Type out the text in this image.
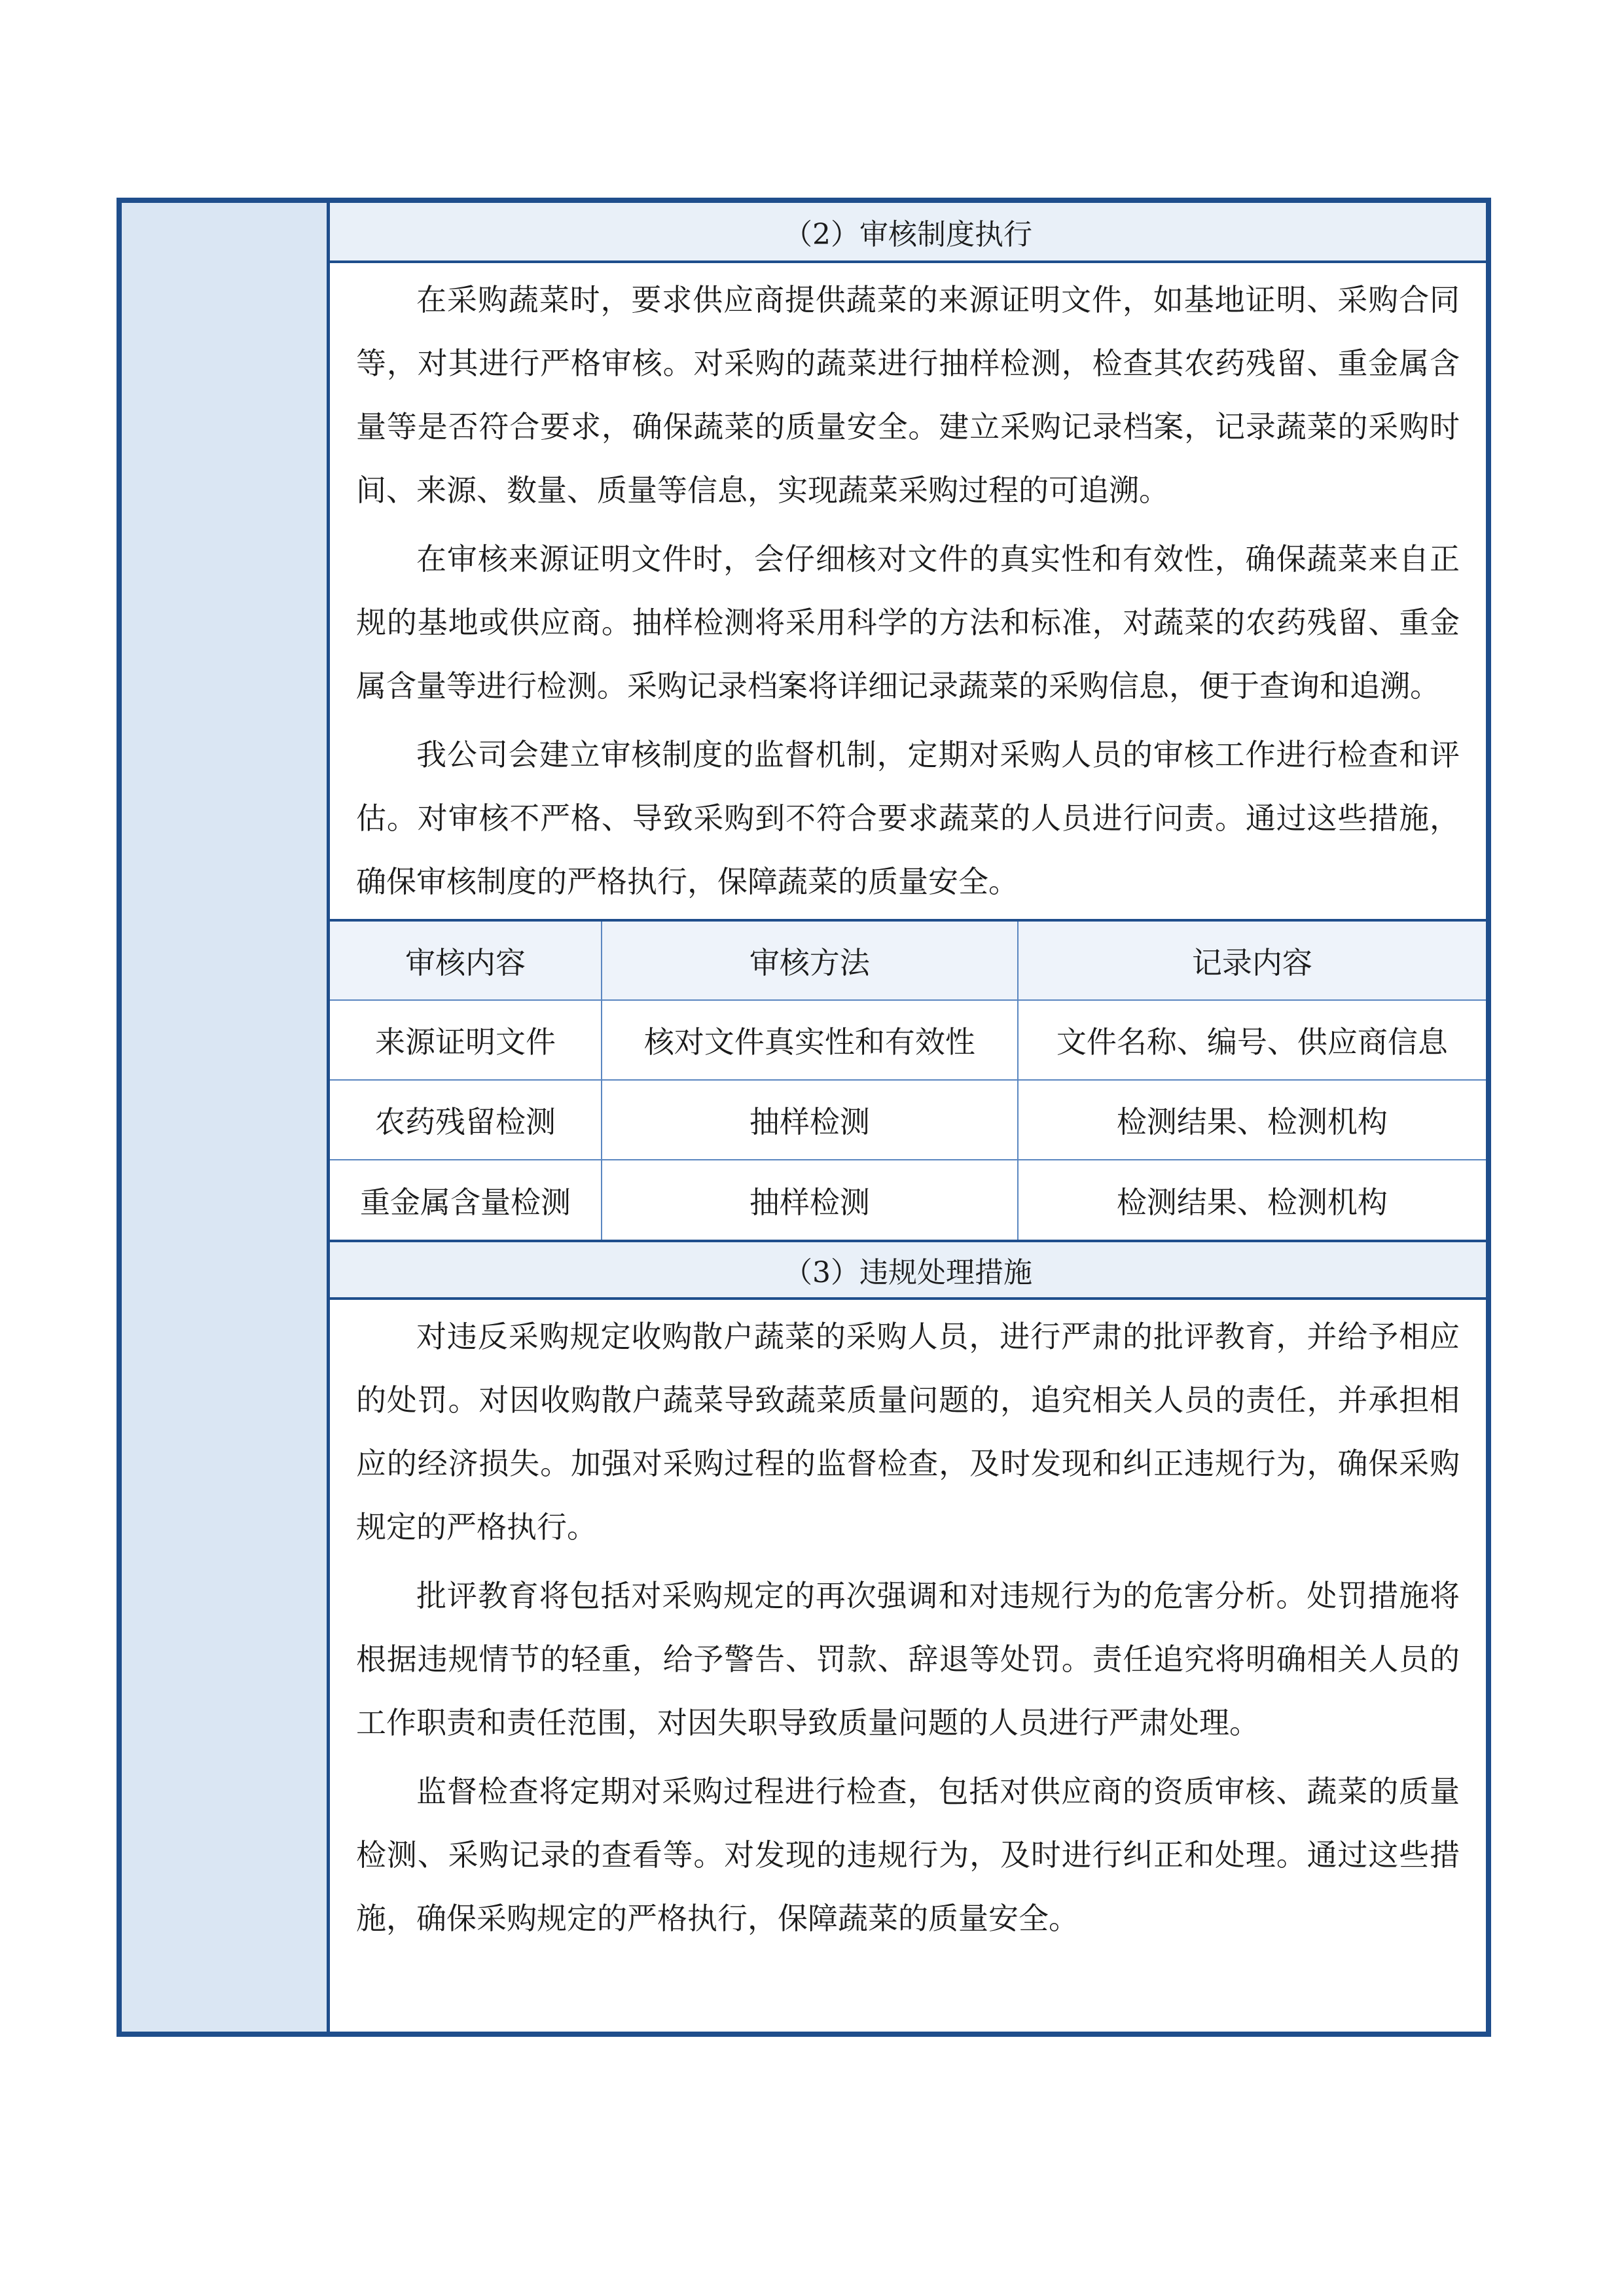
（2）审核制度执行

在采购蔬菜时，要求供应商提供蔬菜的来源证明文件，如基地证明、采购合同等，对其进行严格审核。对采购的蔬菜进行抽样检测，检查其农药残留、重金属含量等是否符合要求，确保蔬菜的质量安全。建立采购记录档案，记录蔬菜的采购时间、来源、数量、质量等信息，实现蔬菜采购过程的可追溯。

在审核来源证明文件时，会仔细核对文件的真实性和有效性，确保蔬菜来自正规的基地或供应商。抽样检测将采用科学的方法和标准，对蔬菜的农药残留、重金属含量等进行检测。采购记录档案将详细记录蔬菜的采购信息，便于查询和追溯。

我公司会建立审核制度的监督机制，定期对采购人员的审核工作进行检查和评估。对审核不严格、导致采购到不符合要求蔬菜的人员进行问责。通过这些措施，确保审核制度的严格执行，保障蔬菜的质量安全。

审核内容	审核方法	记录内容
来源证明文件	核对文件真实性和有效性	文件名称、编号、供应商信息
农药残留检测	抽样检测	检测结果、检测机构
重金属含量检测	抽样检测	检测结果、检测机构
（3）违规处理措施

对违反采购规定收购散户蔬菜的采购人员，进行严肃的批评教育，并给予相应的处罚。对因收购散户蔬菜导致蔬菜质量问题的，追究相关人员的责任，并承担相应的经济损失。加强对采购过程的监督检查，及时发现和纠正违规行为，确保采购规定的严格执行。

批评教育将包括对采购规定的再次强调和对违规行为的危害分析。处罚措施将根据违规情节的轻重，给予警告、罚款、辞退等处罚。责任追究将明确相关人员的工作职责和责任范围，对因失职导致质量问题的人员进行严肃处理。

监督检查将定期对采购过程进行检查，包括对供应商的资质审核、蔬菜的质量检测、采购记录的查看等。对发现的违规行为，及时进行纠正和处理。通过这些措施，确保采购规定的严格执行，保障蔬菜的质量安全。
